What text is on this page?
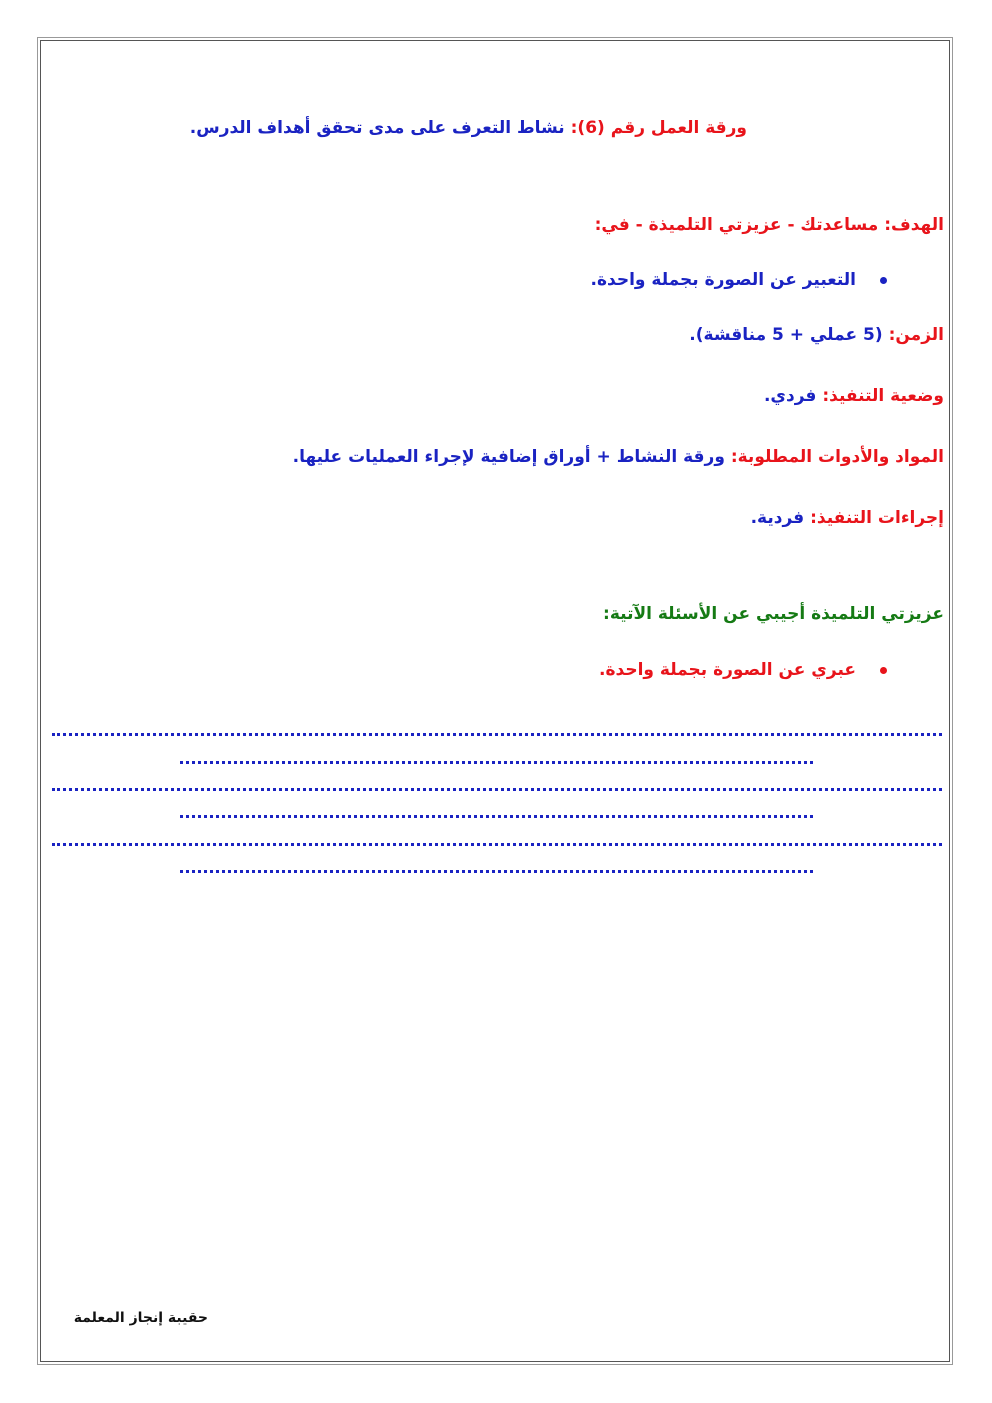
ورقة العمل رقم (6): نشاط التعرف على مدى تحقق أهداف الدرس.
الهدف: مساعدتك - عزيزتي التلميذة - في:
التعبير عن الصورة بجملة واحدة.
الزمن: (5 عملي + 5 مناقشة).
وضعية التنفيذ: فردي.
المواد والأدوات المطلوبة: ورقة النشاط + أوراق إضافية لإجراء العمليات عليها.
إجراءات التنفيذ: فردية.
عزيزتي التلميذة أجيبي عن الأسئلة الآتية:
عبري عن الصورة بجملة واحدة.
حقيبة إنجاز المعلمة
